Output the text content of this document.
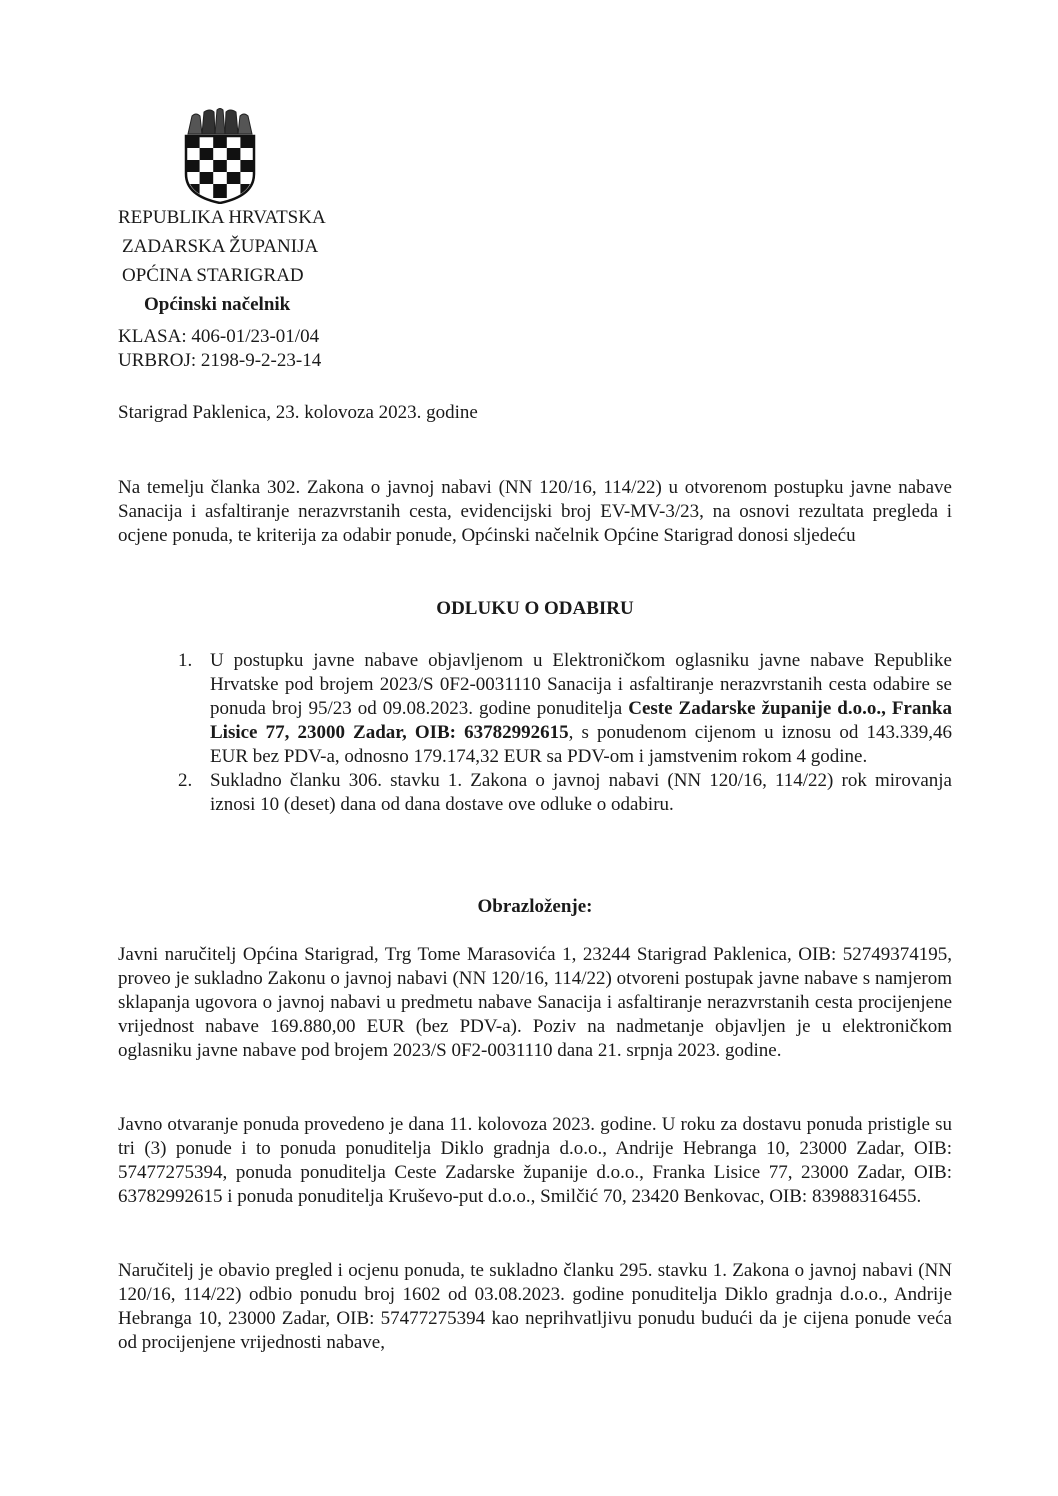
REPUBLIKA HRVATSKA
ZADARSKA ŽUPANIJA
OPĆINA STARIGRAD
Općinski načelnik
KLASA: 406-01/23-01/04
URBROJ: 2198-9-2-23-14
Starigrad Paklenica, 23. kolovoza 2023. godine

Na temelju članka 302. Zakona o javnoj nabavi (NN 120/16, 114/22) u otvorenom postupku javne nabave Sanacija i asfaltiranje nerazvrstanih cesta, evidencijski broj EV-MV-3/23, na osnovi rezultata pregleda i ocjene ponuda, te kriterija za odabir ponude, Općinski načelnik Općine Starigrad donosi sljedeću

ODLUKU O ODABIRU

1. U postupku javne nabave objavljenom u Elektroničkom oglasniku javne nabave Republike Hrvatske pod brojem 2023/S 0F2-0031110 Sanacija i asfaltiranje nerazvrstanih cesta odabire se ponuda broj 95/23 od 09.08.2023. godine ponuditelja Ceste Zadarske županije d.o.o., Franka Lisice 77, 23000 Zadar, OIB: 63782992615, s ponudenom cijenom u iznosu od 143.339,46 EUR bez PDV-a, odnosno 179.174,32 EUR sa PDV-om i jamstvenim rokom 4 godine.
2. Sukladno članku 306. stavku 1. Zakona o javnoj nabavi (NN 120/16, 114/22) rok mirovanja iznosi 10 (deset) dana od dana dostave ove odluke o odabiru.

Obrazloženje:

Javni naručitelj Općina Starigrad, Trg Tome Marasovića 1, 23244 Starigrad Paklenica, OIB: 52749374195, proveo je sukladno Zakonu o javnoj nabavi (NN 120/16, 114/22) otvoreni postupak javne nabave s namjerom sklapanja ugovora o javnoj nabavi u predmetu nabave Sanacija i asfaltiranje nerazvrstanih cesta procijenjene vrijednost nabave 169.880,00 EUR (bez PDV-a). Poziv na nadmetanje objavljen je u elektroničkom oglasniku javne nabave pod brojem 2023/S 0F2-0031110 dana 21. srpnja 2023. godine.

Javno otvaranje ponuda provedeno je dana 11. kolovoza 2023. godine. U roku za dostavu ponuda pristigle su tri (3) ponude i to ponuda ponuditelja Diklo gradnja d.o.o., Andrije Hebranga 10, 23000 Zadar, OIB: 57477275394, ponuda ponuditelja Ceste Zadarske županije d.o.o., Franka Lisice 77, 23000 Zadar, OIB: 63782992615 i ponuda ponuditelja Kruševo-put d.o.o., Smilčić 70, 23420 Benkovac, OIB: 83988316455.

Naručitelj je obavio pregled i ocjenu ponuda, te sukladno članku 295. stavku 1. Zakona o javnoj nabavi (NN 120/16, 114/22) odbio ponudu broj 1602 od 03.08.2023. godine ponuditelja Diklo gradnja d.o.o., Andrije Hebranga 10, 23000 Zadar, OIB: 57477275394 kao neprihvatljivu ponudu budući da je cijena ponude veća od procijenjene vrijednosti nabave,
